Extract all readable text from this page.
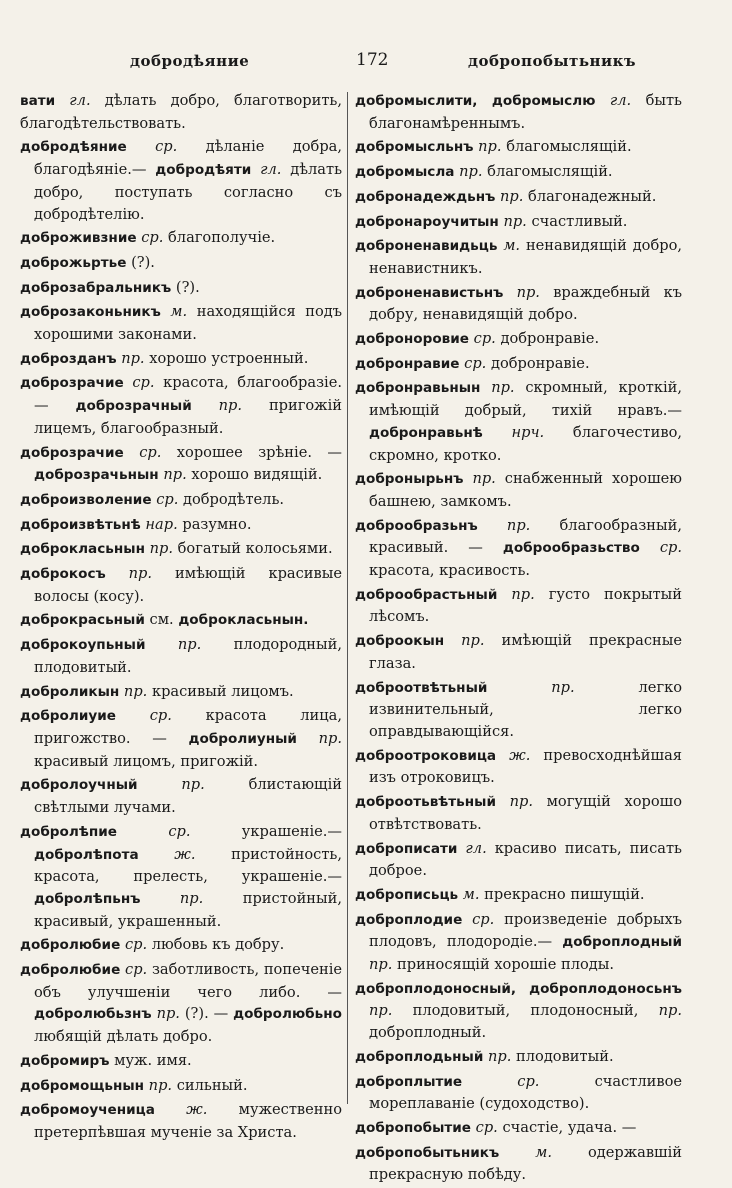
добродѣяние	172	добропобытьникъ
вати гл. дѣлать добро, благотворить, благодѣтельствовать.
добродѣяние ср. дѣланіе добра, благодѣяніе.— добродѣяти гл. дѣлать добро, поступать согласно съ добродѣтелію.
доброживзние ср. благополучіе.
доброжьртье (?).
доброзабральникъ (?).
доброзаконьникъ м. находящійся подъ хорошими законами.
доброзданъ пр. хорошо устроенный.
доброзрачие ср. красота, благообразіе. — доброзрачный пр. пригожій лицемъ, благообразный.
доброзрачие ср. хорошее зрѣніе. — доброзрачьнын пр. хорошо видящій.
доброизволение ср. добродѣтель.
доброизвѣтьнѣ нар. разумно.
доброкласьнын пр. богатый колосьями.
доброкосъ пр. имѣющій красивые волосы (косу).
доброкрасьный см. доброкласьнын.
доброкоупьный пр. плодородный, плодовитый.
доброликын пр. красивый лицомъ.
добролиуие ср. красота лица, пригожство. — добролиуный пр. красивый лицомъ, пригожій.
добролоучный	пр.	блистающій свѣтлыми лучами.
добролѣпие	ср.	украшеніе.— добролѣпота ж. пристойность, красота, прелесть, украшеніе.— добролѣпьнъ	пр.	пристойный, красивый, украшенный.
добролюбие ср. любовь къ добру.
добролюбие ср. заботливость, попеченіе объ улучшеніи чего либо. — добролюбьзнъ пр. (?). — добролюбьно любящій дѣлать добро.
добромиръ муж. имя.
добромощьнын пр. сильный.
добромоученица ж. мужественно претерпѣвшая мученіе за Христа.
добромыслити, добромыслю гл. быть благонамѣреннымъ.
добромысльнъ пр. благомыслящій.
добромысла пр. благомыслящій.
добронадеждьнъ пр. благонадежный.
добронароучитын пр. счастливый.
доброненавидьць м. ненавидящій добро, ненавистникъ.
доброненавистьнъ пр. враждебный къ добру, ненавидящій добро.
доброноровие ср. добронравіе.
добронравие ср. добронравіе.
добронравьнын пр. скромный, кроткій, имѣющій добрый, тихій нравъ.— добронравьнѣ нрч. благочестиво, скромно, кротко.
добронырьнъ пр. снабженный хорошею башнею, замкомъ.
доброобразьнъ пр. благообразный, красивый. — доброобразьство ср. красота, красивость.
доброобрастьный пр. густо покрытый лѣсомъ.
доброокын пр. имѣющій прекрасные глаза.
доброотвѣтьный	пр.	легко извинительный, легко оправдывающійся.
доброотроковица ж. превосходнѣйшая изъ отроковицъ.
доброотьвѣтьный пр. могущій хорошо отвѣтствовать.
доброписати гл. красиво писать, писать доброе.
доброписьць м. прекрасно пишущій.
доброплодие ср. произведеніе добрыхъ плодовъ, плодородіе.— доброплодный пр. приносящій хорошіе плоды.
доброплодоносный, доброплодоносьнъ пр. плодовитый, плодоносный, пр. доброплодный.
доброплодьный пр. плодовитый.
доброплытие	ср.	счастливое мореплаваніе (судоходство).
добропобытие ср. счастіе, удача. —
добропобытьникъ м. одержавшій прекрасную побѣду.
